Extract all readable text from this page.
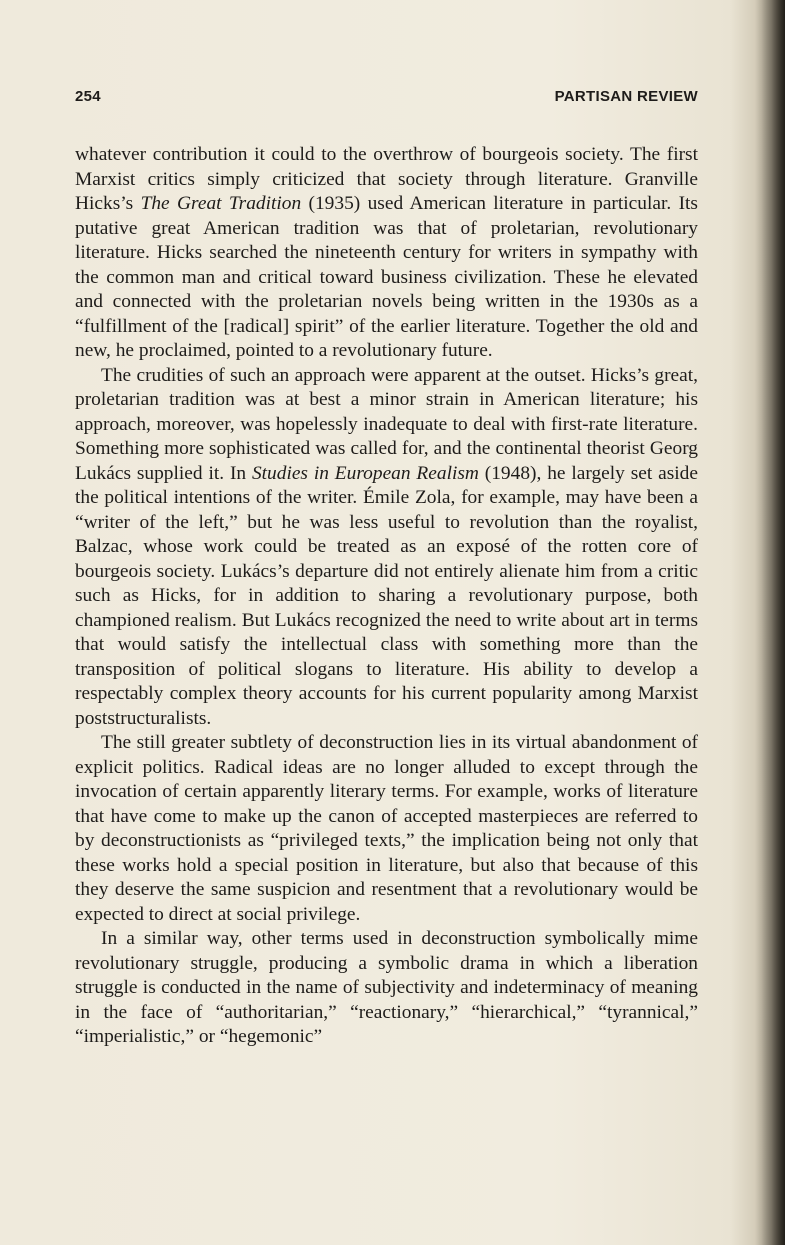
254	PARTISAN REVIEW

whatever contribution it could to the overthrow of bourgeois society. The first Marxist critics simply criticized that society through literature. Granville Hicks’s The Great Tradition (1935) used American literature in particular. Its putative great American tradition was that of proletarian, revolutionary literature. Hicks searched the nineteenth century for writers in sympathy with the common man and critical toward business civilization. These he elevated and connected with the proletarian novels being written in the 1930s as a “fulfillment of the [radical] spirit” of the earlier literature. Together the old and new, he proclaimed, pointed to a revolutionary future.

The crudities of such an approach were apparent at the outset. Hicks’s great, proletarian tradition was at best a minor strain in American literature; his approach, moreover, was hopelessly inadequate to deal with first-rate literature. Something more sophisticated was called for, and the continental theorist Georg Lukács supplied it. In Studies in European Realism (1948), he largely set aside the political intentions of the writer. Émile Zola, for example, may have been a “writer of the left,” but he was less useful to revolution than the royalist, Balzac, whose work could be treated as an exposé of the rotten core of bourgeois society. Lukács’s departure did not entirely alienate him from a critic such as Hicks, for in addition to sharing a revolutionary purpose, both championed realism. But Lukács recognized the need to write about art in terms that would satisfy the intellectual class with something more than the transposition of political slogans to literature. His ability to develop a respectably complex theory accounts for his current popularity among Marxist poststructuralists.

The still greater subtlety of deconstruction lies in its virtual abandonment of explicit politics. Radical ideas are no longer alluded to except through the invocation of certain apparently literary terms. For example, works of literature that have come to make up the canon of accepted masterpieces are referred to by deconstructionists as “privileged texts,” the implication being not only that these works hold a special position in literature, but also that because of this they deserve the same suspicion and resentment that a revolutionary would be expected to direct at social privilege.

In a similar way, other terms used in deconstruction symbolically mime revolutionary struggle, producing a symbolic drama in which a liberation struggle is conducted in the name of subjectivity and indeterminacy of meaning in the face of “authoritarian,” “reactionary,” “hierarchical,” “tyrannical,” “imperialistic,” or “hegemonic”
